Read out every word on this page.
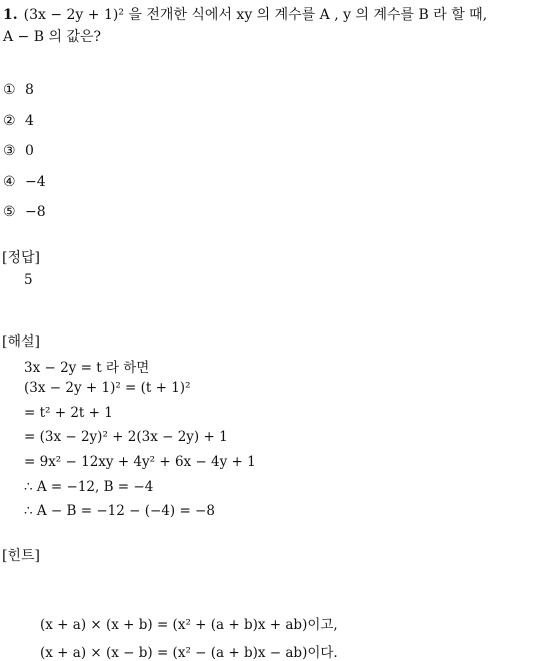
1. (3x − 2y + 1)² 을 전개한 식에서 xy 의 계수를 A , y 의 계수를 B 라 할 때,
A − B 의 값은?
① 8
② 4
③ 0
④ −4
⑤ −8
[정답]
5
[해설]
3x − 2y = t 라 하면
(3x − 2y + 1)² = (t + 1)²
= t² + 2t + 1
= (3x − 2y)² + 2(3x − 2y) + 1
= 9x² − 12xy + 4y² + 6x − 4y + 1
∴ A = −12, B = −4
∴ A − B = −12 − (−4) = −8
[힌트]
(x + a) × (x + b) = (x² + (a + b)x + ab)이고,
(x + a) × (x − b) = (x² − (a + b)x − ab)이다.
